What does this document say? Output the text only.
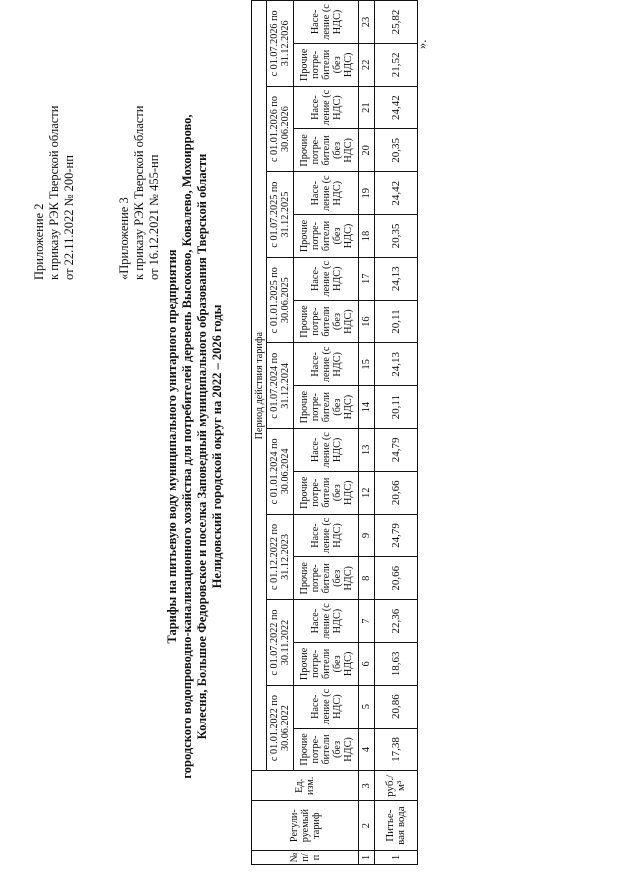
Приложение 2 к приказу РЭК Тверской области от 22.11.2022 № 200-нп	«Приложение 3 к приказу РЭК Тверской области от 16.12.2021 № 455-нп
Тарифы на питьевую воду муниципального унитарного предприятия городского водопроводно-канализационного хозяйства для потребителей деревень Высоково, Ковалево, Мохоиррово, Колесня, Большое Федоровское и поселка Заповедный муниципального образования Тверской области Нелидовский городской округ на 2022 – 2026 годы
№ п/п	Регули-руемый тариф	Ед. изм.	Период действия тарифа																	
			с 01.01.2022 по 30.06.2022		с 01.07.2022 по 30.11.2022		с 01.12.2022 по 31.12.2023		с 01.01.2024 по 30.06.2024		с 01.07.2024 по 31.12.2024		с 01.01.2025 по 30.06.2025		с 01.07.2025 по 31.12.2025		с 01.01.2026 по 30.06.2026		с 01.07.2026 по 31.12.2026	
			Прочие потре-бители (без НДС)	Насе-ление (с НДС)	Прочие потре-бители (без НДС)	Насе-ление (с НДС)	Прочие потре-бители (без НДС)	Насе-ление (с НДС)	Прочие потре-бители (без НДС)	Насе-ление (с НДС)	Прочие потре-бители (без НДС)	Насе-ление (с НДС)	Прочие потре-бители (без НДС)	Насе-ление (с НДС)	Прочие потре-бители (без НДС)	Насе-ление (с НДС)	Прочие потре-бители (без НДС)	Насе-ление (с НДС)	Прочие потре-бители (без НДС)	Насе-ление (с НДС)
1	2	3	4	5	6	7	8	9	12	13	14	15	16	17	18	19	20	21	22	23
1	Питье-вая вода	руб./м³	17,38	20,86	18,63	22,36	20,66	24,79	20,66	24,79	20,11	24,13	20,11	24,13	20,35	24,42	20,35	24,42	21,52	25,82
».
